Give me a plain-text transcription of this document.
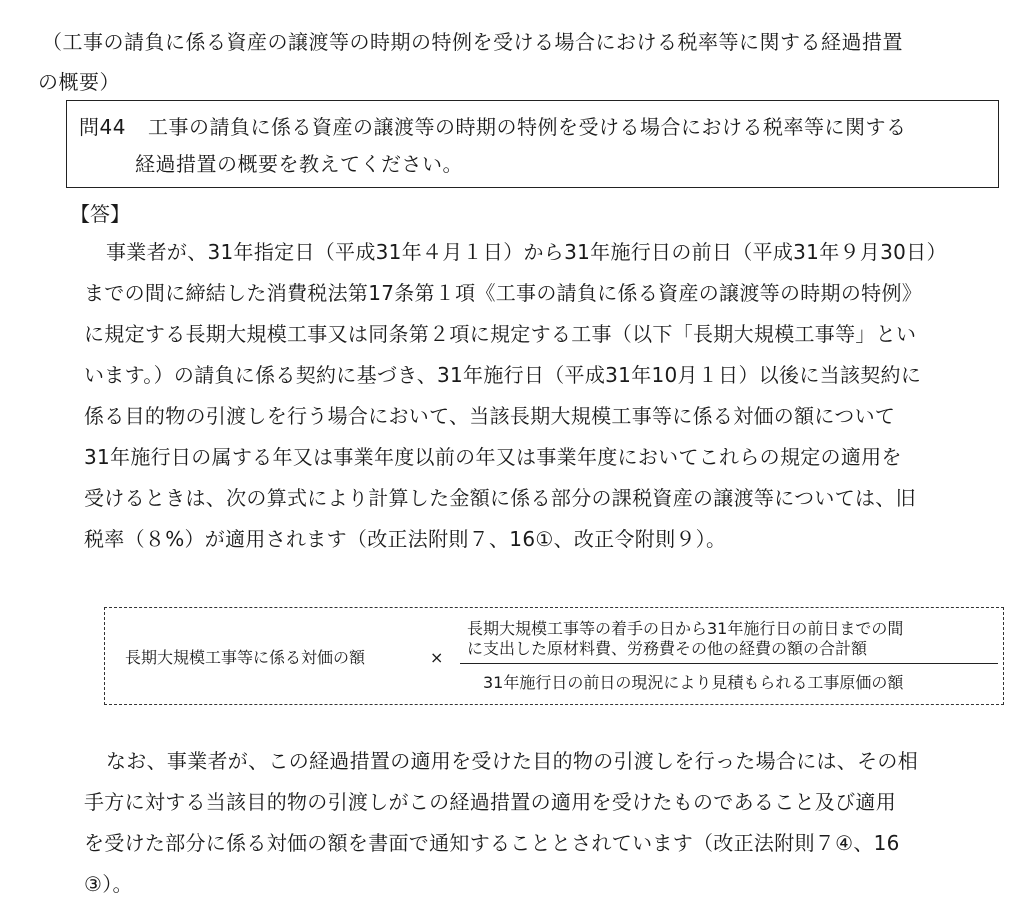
（工事の請負に係る資産の譲渡等の時期の特例を受ける場合における税率等に関する経過措置
の概要）
問44 工事の請負に係る資産の譲渡等の時期の特例を受ける場合における税率等に関する
経過措置の概要を教えてください。
【答】
事業者が、31年指定日（平成31年４月１日）から31年施行日の前日（平成31年９月30日）
までの間に締結した消費税法第17条第１項《工事の請負に係る資産の譲渡等の時期の特例》
に規定する長期大規模工事又は同条第２項に規定する工事（以下「長期大規模工事等」とい
います。）の請負に係る契約に基づき、31年施行日（平成31年10月１日）以後に当該契約に
係る目的物の引渡しを行う場合において、当該長期大規模工事等に係る対価の額について
31年施行日の属する年又は事業年度以前の年又は事業年度においてこれらの規定の適用を
受けるときは、次の算式により計算した金額に係る部分の課税資産の譲渡等については、旧
税率（８%）が適用されます（改正法附則７、16①、改正令附則９）。
長期大規模工事等に係る対価の額	×
長期大規模工事等の着手の日から31年施行日の前日までの間
に支出した原材料費、労務費その他の経費の額の合計額
31年施行日の前日の現況により見積もられる工事原価の額
なお、事業者が、この経過措置の適用を受けた目的物の引渡しを行った場合には、その相
手方に対する当該目的物の引渡しがこの経過措置の適用を受けたものであること及び適用
を受けた部分に係る対価の額を書面で通知することとされています（改正法附則７④、16
③）。
